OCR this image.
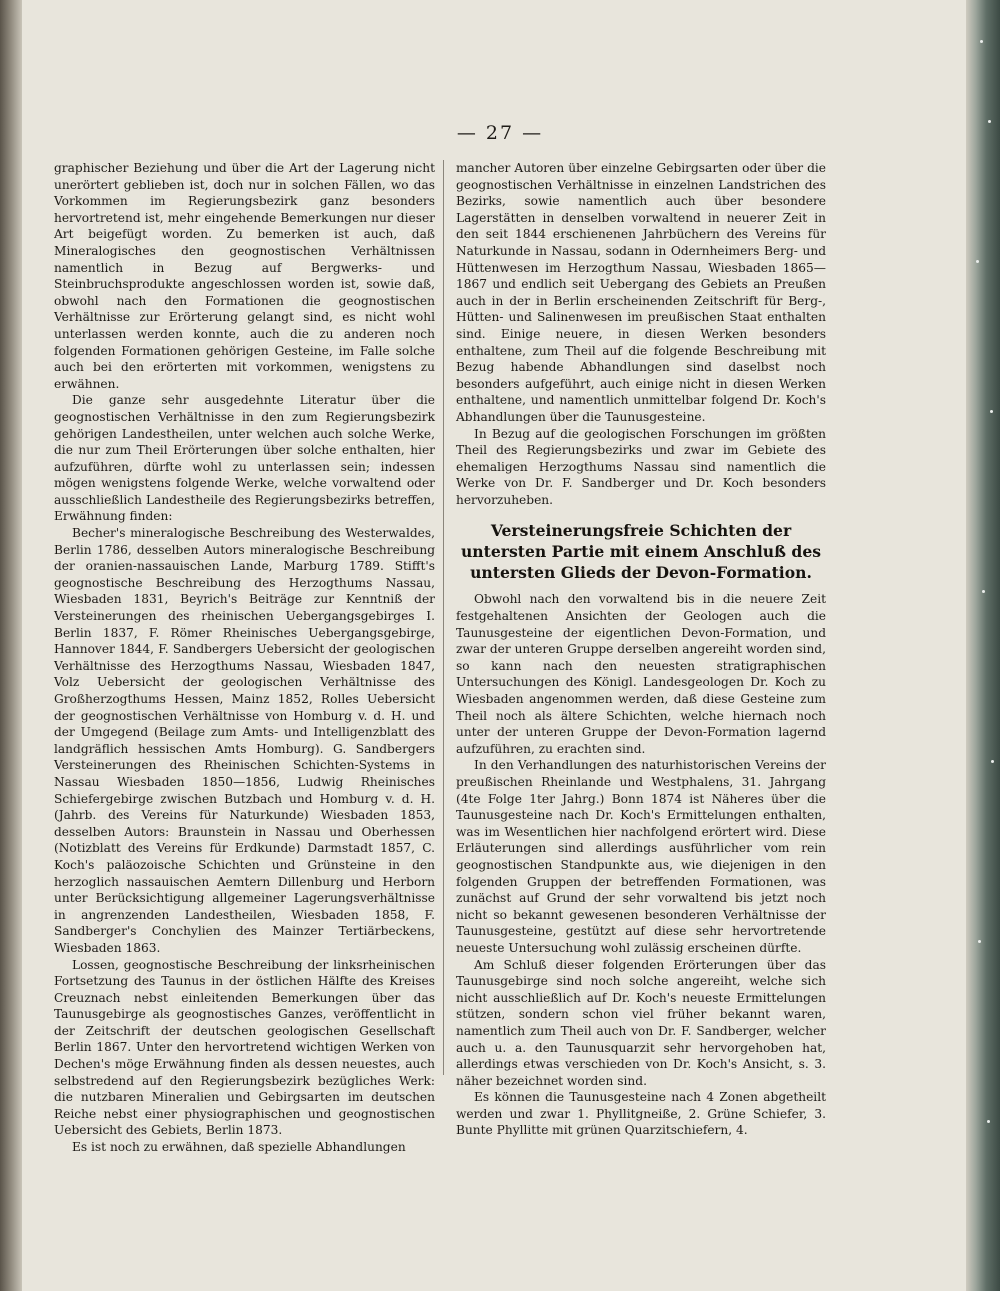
— 27 —

graphischer Beziehung und über die Art der Lagerung nicht unerörtert geblieben ist, doch nur in solchen Fällen, wo das Vorkommen im Regierungsbezirk ganz besonders hervortretend ist, mehr eingehende Bemerkungen nur dieser Art beigefügt worden. Zu bemerken ist auch, daß Mineralogisches den geognostischen Verhältnissen namentlich in Bezug auf Bergwerks- und Steinbruchsprodukte angeschlossen worden ist, sowie daß, obwohl nach den Formationen die geognostischen Verhältnisse zur Erörterung gelangt sind, es nicht wohl unterlassen werden konnte, auch die zu anderen noch folgenden Formationen gehörigen Gesteine, im Falle solche auch bei den erörterten mit vorkommen, wenigstens zu erwähnen.

Die ganze sehr ausgedehnte Literatur über die geognostischen Verhältnisse in den zum Regierungsbezirk gehörigen Landestheilen, unter welchen auch solche Werke, die nur zum Theil Erörterungen über solche enthalten, hier aufzuführen, dürfte wohl zu unterlassen sein; indessen mögen wenigstens folgende Werke, welche vorwaltend oder ausschließlich Landestheile des Regierungsbezirks betreffen, Erwähnung finden:

Becher's mineralogische Beschreibung des Westerwaldes, Berlin 1786, desselben Autors mineralogische Beschreibung der oranien-nassauischen Lande, Marburg 1789. Stifft's geognostische Beschreibung des Herzogthums Nassau, Wiesbaden 1831, Beyrich's Beiträge zur Kenntniß der Versteinerungen des rheinischen Uebergangsgebirges I. Berlin 1837, F. Römer Rheinisches Uebergangsgebirge, Hannover 1844, F. Sandbergers Uebersicht der geologischen Verhältnisse des Herzogthums Nassau, Wiesbaden 1847, Volz Uebersicht der geologischen Verhältnisse des Großherzogthums Hessen, Mainz 1852, Rolles Uebersicht der geognostischen Verhältnisse von Homburg v. d. H. und der Umgegend (Beilage zum Amts- und Intelligenzblatt des landgräflich hessischen Amts Homburg). G. Sandbergers Versteinerungen des Rheinischen Schichten-Systems in Nassau Wiesbaden 1850—1856, Ludwig Rheinisches Schiefergebirge zwischen Butzbach und Homburg v. d. H. (Jahrb. des Vereins für Naturkunde) Wiesbaden 1853, desselben Autors: Braunstein in Nassau und Oberhessen (Notizblatt des Vereins für Erdkunde) Darmstadt 1857, C. Koch's paläozoische Schichten und Grünsteine in den herzoglich nassauischen Aemtern Dillenburg und Herborn unter Berücksichtigung allgemeiner Lagerungsverhältnisse in angrenzenden Landestheilen, Wiesbaden 1858, F. Sandberger's Conchylien des Mainzer Tertiärbeckens, Wiesbaden 1863.

Lossen, geognostische Beschreibung der linksrheinischen Fortsetzung des Taunus in der östlichen Hälfte des Kreises Creuznach nebst einleitenden Bemerkungen über das Taunusgebirge als geognostisches Ganzes, veröffentlicht in der Zeitschrift der deutschen geologischen Gesellschaft Berlin 1867. Unter den hervortretend wichtigen Werken von Dechen's möge Erwähnung finden als dessen neuestes, auch selbstredend auf den Regierungsbezirk bezügliches Werk: die nutzbaren Mineralien und Gebirgsarten im deutschen Reiche nebst einer physiographischen und geognostischen Uebersicht des Gebiets, Berlin 1873.

Es ist noch zu erwähnen, daß spezielle Abhandlungen

mancher Autoren über einzelne Gebirgsarten oder über die geognostischen Verhältnisse in einzelnen Landstrichen des Bezirks, sowie namentlich auch über besondere Lagerstätten in denselben vorwaltend in neuerer Zeit in den seit 1844 erschienenen Jahrbüchern des Vereins für Naturkunde in Nassau, sodann in Odernheimers Berg- und Hüttenwesen im Herzogthum Nassau, Wiesbaden 1865—1867 und endlich seit Uebergang des Gebiets an Preußen auch in der in Berlin erscheinenden Zeitschrift für Berg-, Hütten- und Salinenwesen im preußischen Staat enthalten sind. Einige neuere, in diesen Werken besonders enthaltene, zum Theil auf die folgende Beschreibung mit Bezug habende Abhandlungen sind daselbst noch besonders aufgeführt, auch einige nicht in diesen Werken enthaltene, und namentlich unmittelbar folgend Dr. Koch's Abhandlungen über die Taunusgesteine.

In Bezug auf die geologischen Forschungen im größten Theil des Regierungsbezirks und zwar im Gebiete des ehemaligen Herzogthums Nassau sind namentlich die Werke von Dr. F. Sandberger und Dr. Koch besonders hervorzuheben.

Versteinerungsfreie Schichten der untersten Partie mit einem Anschluß des untersten Glieds der Devon-Formation.

Obwohl nach den vorwaltend bis in die neuere Zeit festgehaltenen Ansichten der Geologen auch die Taunusgesteine der eigentlichen Devon-Formation, und zwar der unteren Gruppe derselben angereiht worden sind, so kann nach den neuesten stratigraphischen Untersuchungen des Königl. Landesgeologen Dr. Koch zu Wiesbaden angenommen werden, daß diese Gesteine zum Theil noch als ältere Schichten, welche hiernach noch unter der unteren Gruppe der Devon-Formation lagernd aufzuführen, zu erachten sind.

In den Verhandlungen des naturhistorischen Vereins der preußischen Rheinlande und Westphalens, 31. Jahrgang (4te Folge 1ter Jahrg.) Bonn 1874 ist Näheres über die Taunusgesteine nach Dr. Koch's Ermittelungen enthalten, was im Wesentlichen hier nachfolgend erörtert wird. Diese Erläuterungen sind allerdings ausführlicher vom rein geognostischen Standpunkte aus, wie diejenigen in den folgenden Gruppen der betreffenden Formationen, was zunächst auf Grund der sehr vorwaltend bis jetzt noch nicht so bekannt gewesenen besonderen Verhältnisse der Taunusgesteine, gestützt auf diese sehr hervortretende neueste Untersuchung wohl zulässig erscheinen dürfte.

Am Schluß dieser folgenden Erörterungen über das Taunusgebirge sind noch solche angereiht, welche sich nicht ausschließlich auf Dr. Koch's neueste Ermittelungen stützen, sondern schon viel früher bekannt waren, namentlich zum Theil auch von Dr. F. Sandberger, welcher auch u. a. den Taunusquarzit sehr hervorgehoben hat, allerdings etwas verschieden von Dr. Koch's Ansicht, s. 3. näher bezeichnet worden sind.

Es können die Taunusgesteine nach 4 Zonen abgetheilt werden und zwar 1. Phyllitgneiße, 2. Grüne Schiefer, 3. Bunte Phyllitte mit grünen Quarzitschiefern, 4.
